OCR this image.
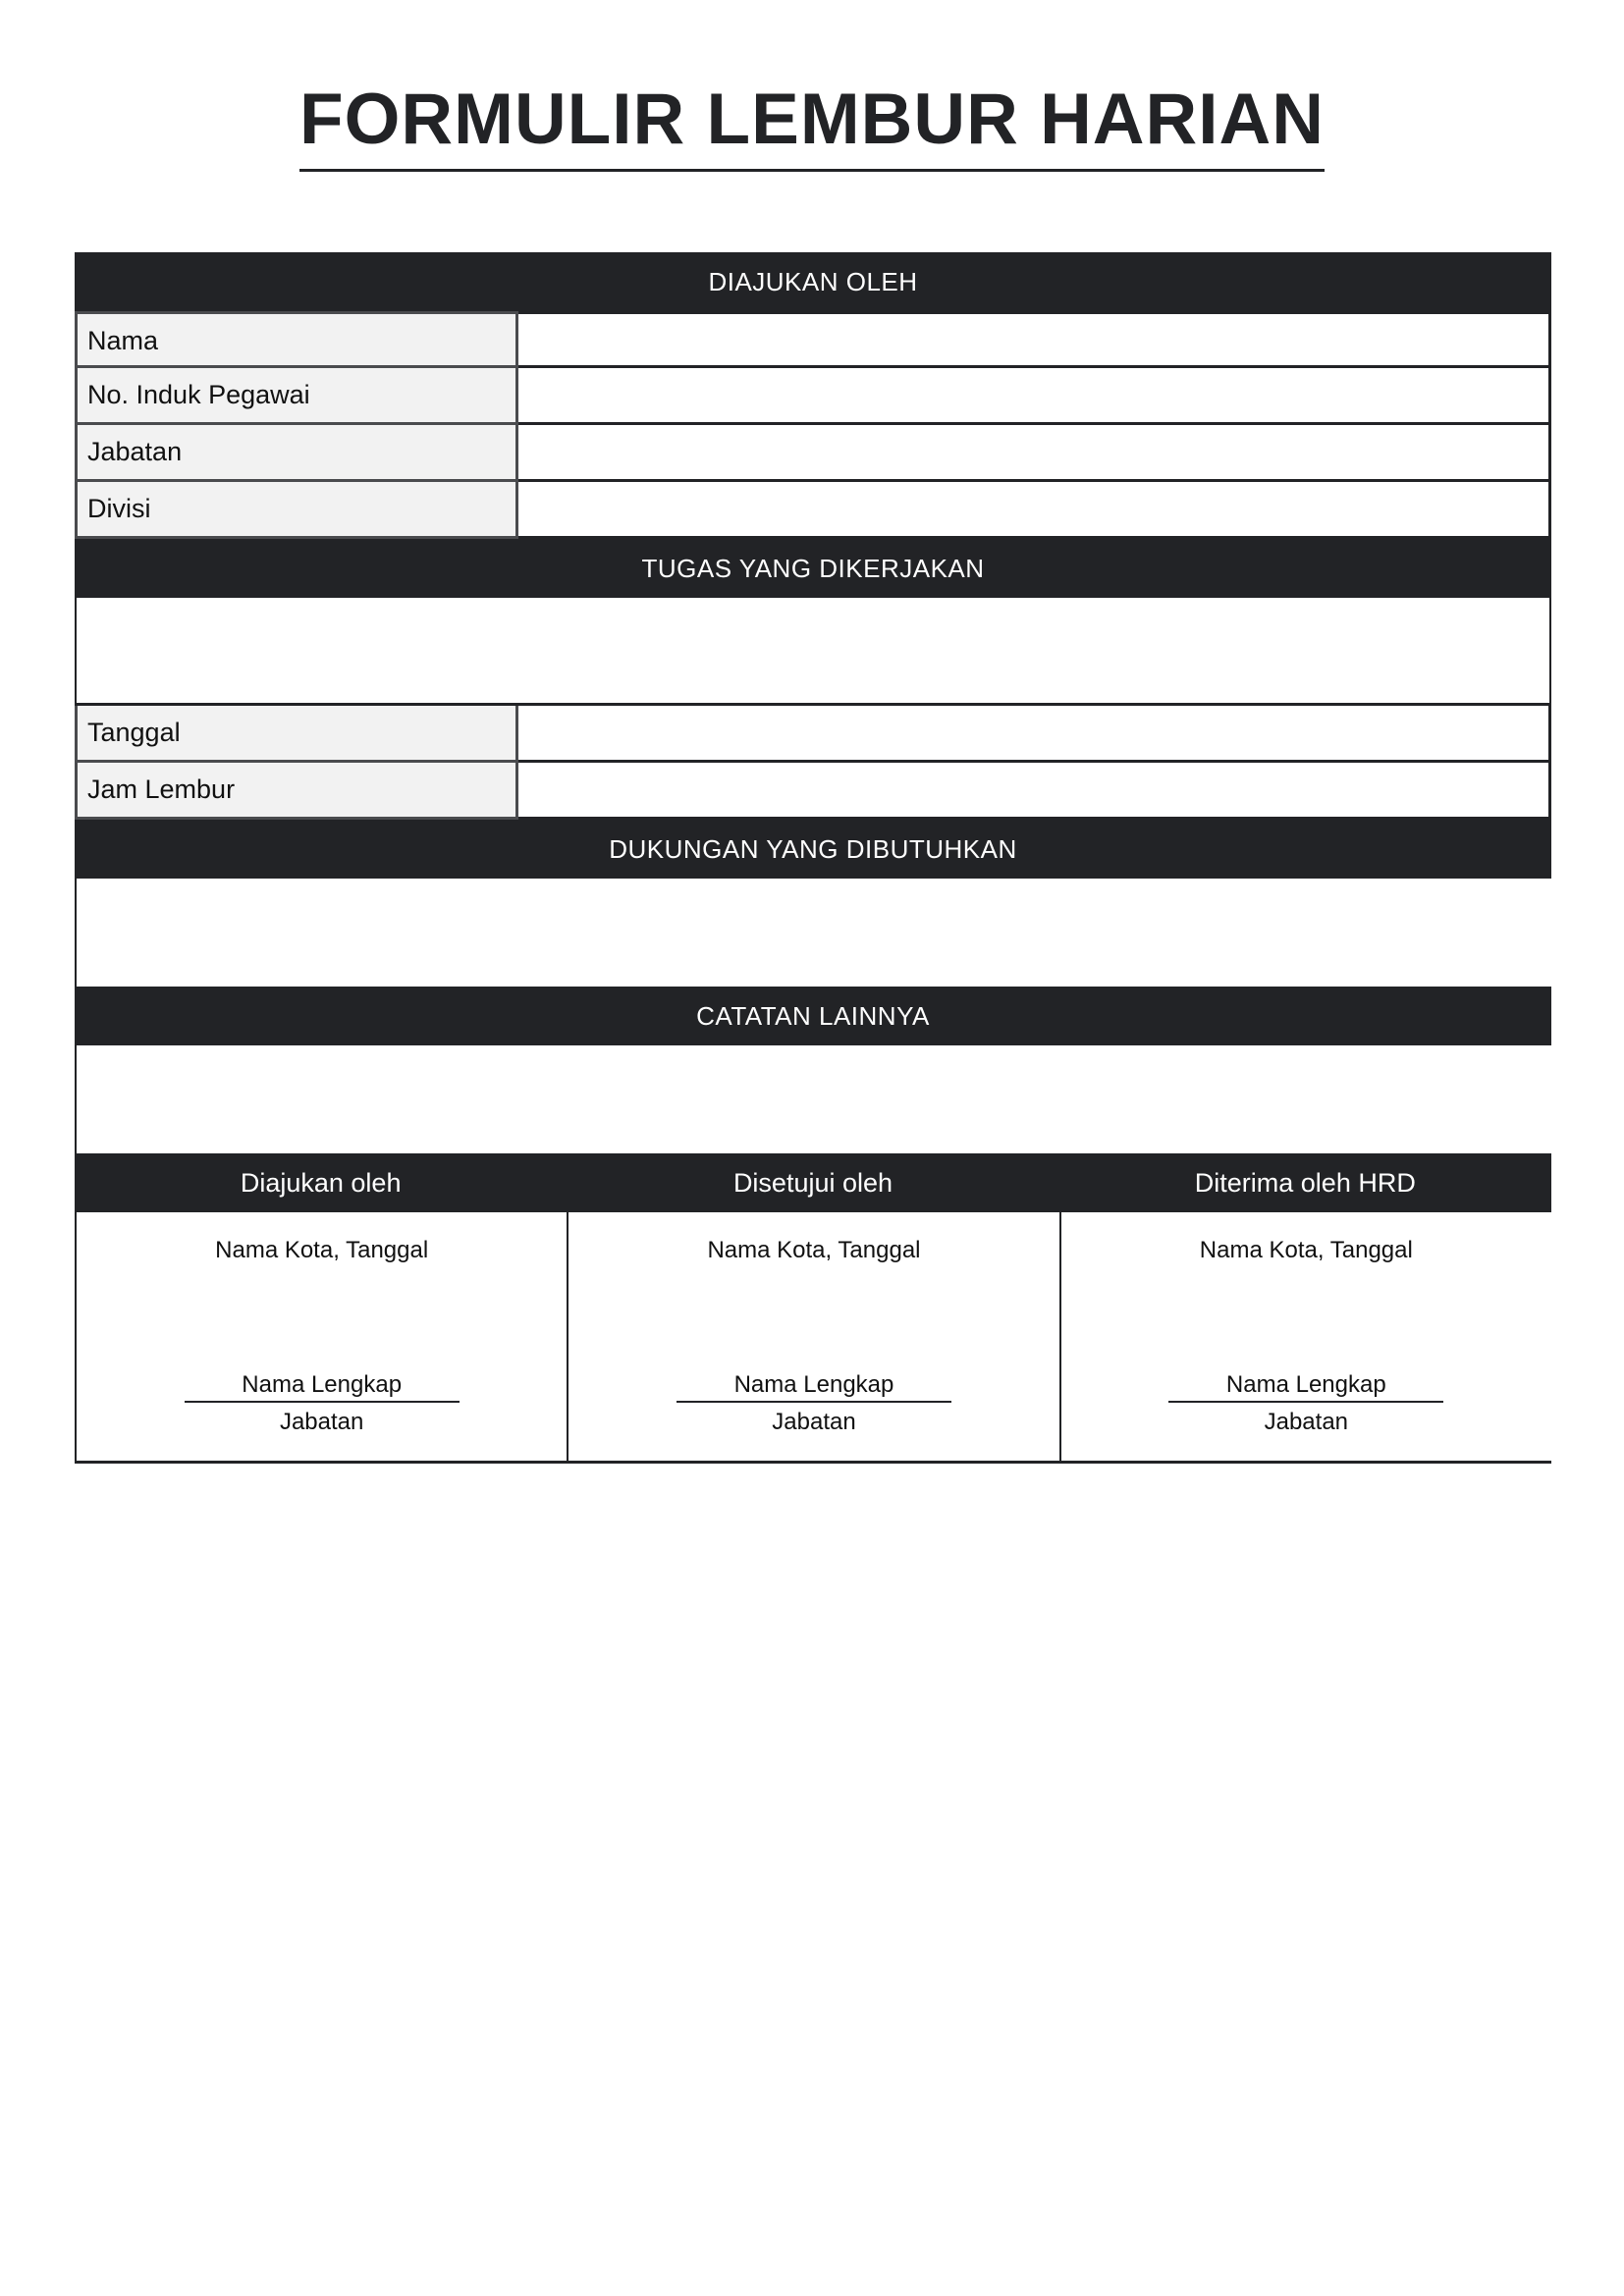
FORMULIR LEMBUR HARIAN
DIAJUKAN OLEH
Nama
No. Induk Pegawai
Jabatan
Divisi
TUGAS YANG DIKERJAKAN
Tanggal
Jam Lembur
DUKUNGAN YANG DIBUTUHKAN
CATATAN LAINNYA
Diajukan oleh	Disetujui oleh	Diterima oleh HRD
Nama Kota, Tanggal
Nama Lengkap
Jabatan
Nama Kota, Tanggal
Nama Lengkap
Jabatan
Nama Kota, Tanggal
Nama Lengkap
Jabatan
